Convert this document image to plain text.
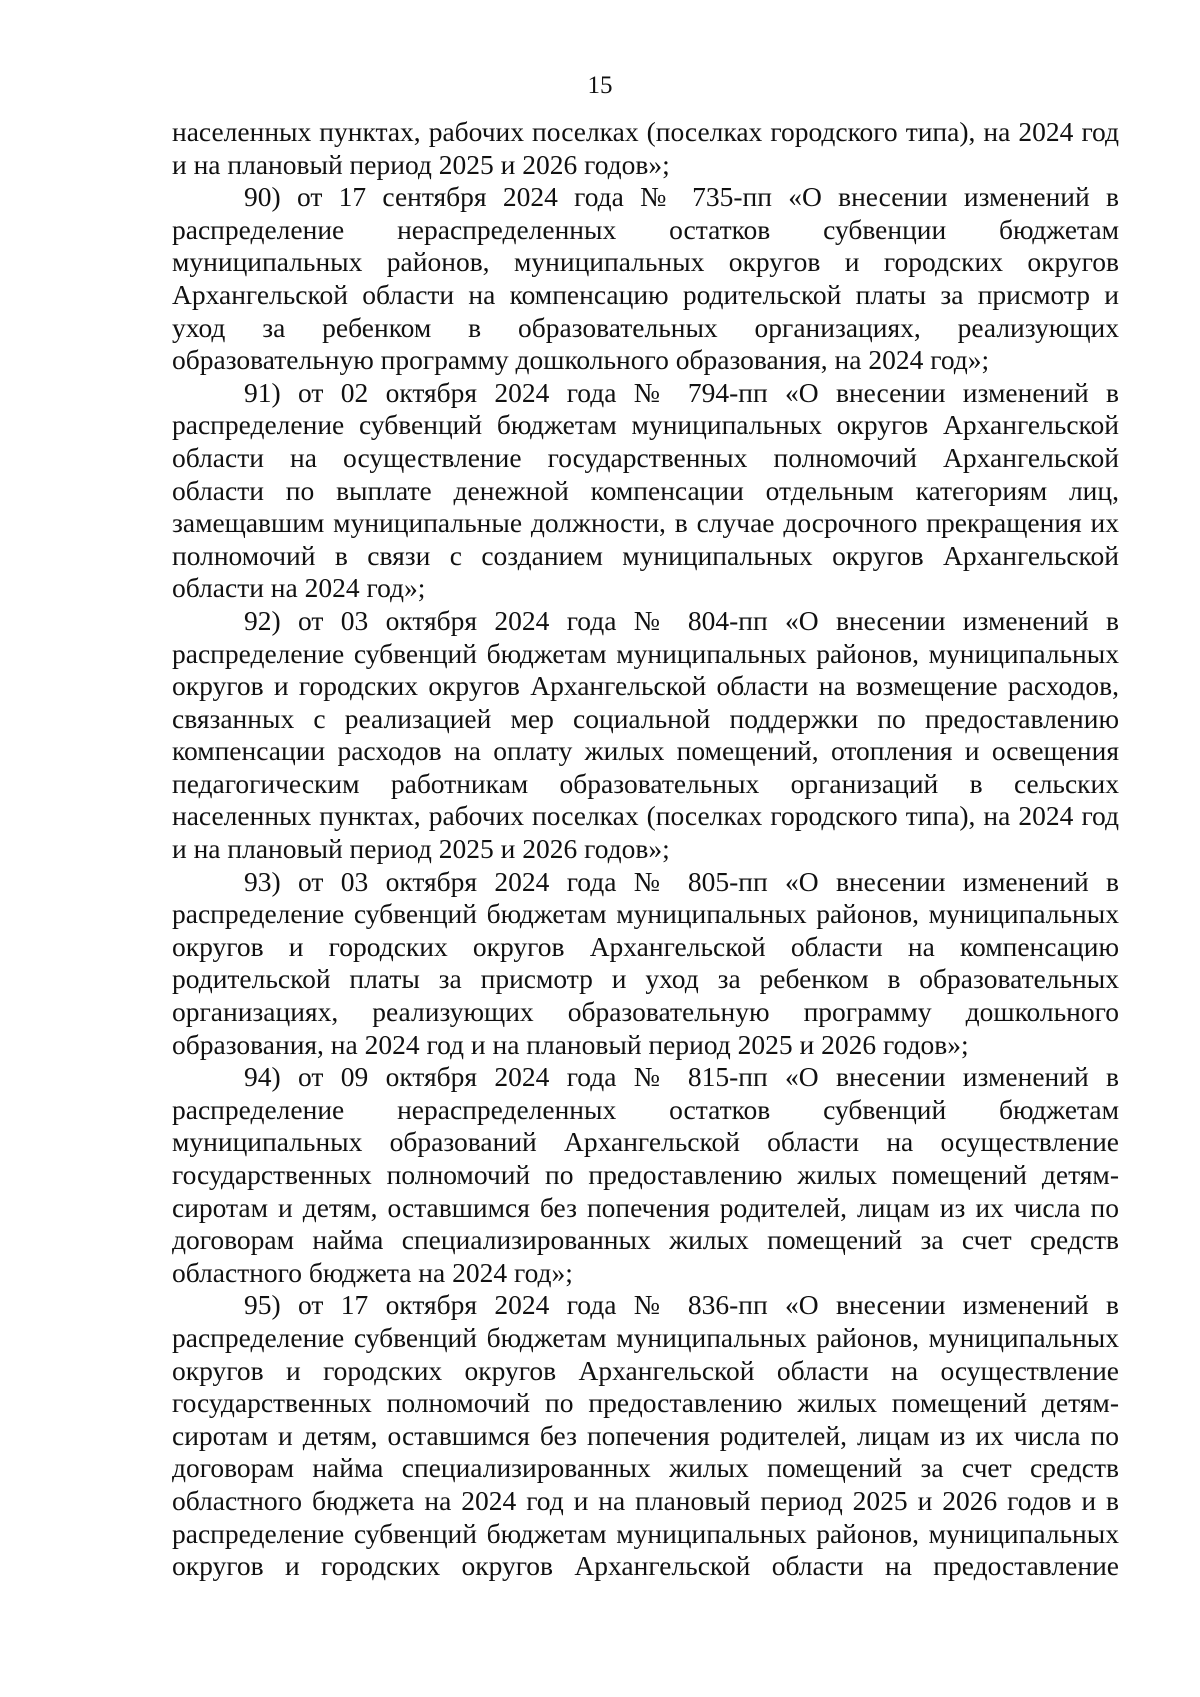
15

населенных пунктах, рабочих поселках (поселках городского типа), на 2024 год и на плановый период 2025 и 2026 годов»;

90) от 17 сентября 2024 года № 735-пп «О внесении изменений в распределение нераспределенных остатков субвенции бюджетам муниципальных районов, муниципальных округов и городских округов Архангельской области на компенсацию родительской платы за присмотр и уход за ребенком в образовательных организациях, реализующих образовательную программу дошкольного образования, на 2024 год»;

91) от 02 октября 2024 года № 794-пп «О внесении изменений в распределение субвенций бюджетам муниципальных округов Архангельской области на осуществление государственных полномочий Архангельской области по выплате денежной компенсации отдельным категориям лиц, замещавшим муниципальные должности, в случае досрочного прекращения их полномочий в связи с созданием муниципальных округов Архангельской области на 2024 год»;

92) от 03 октября 2024 года № 804-пп «О внесении изменений в распределение субвенций бюджетам муниципальных районов, муниципальных округов и городских округов Архангельской области на возмещение расходов, связанных с реализацией мер социальной поддержки по предоставлению компенсации расходов на оплату жилых помещений, отопления и освещения педагогическим работникам образовательных организаций в сельских населенных пунктах, рабочих поселках (поселках городского типа), на 2024 год и на плановый период 2025 и 2026 годов»;

93) от 03 октября 2024 года № 805-пп «О внесении изменений в распределение субвенций бюджетам муниципальных районов, муниципальных округов и городских округов Архангельской области на компенсацию родительской платы за присмотр и уход за ребенком в образовательных организациях, реализующих образовательную программу дошкольного образования, на 2024 год и на плановый период 2025 и 2026 годов»;

94) от 09 октября 2024 года № 815-пп «О внесении изменений в распределение нераспределенных остатков субвенций бюджетам муниципальных образований Архангельской области на осуществление государственных полномочий по предоставлению жилых помещений детям-сиротам и детям, оставшимся без попечения родителей, лицам из их числа по договорам найма специализированных жилых помещений за счет средств областного бюджета на 2024 год»;

95) от 17 октября 2024 года № 836-пп «О внесении изменений в распределение субвенций бюджетам муниципальных районов, муниципальных округов и городских округов Архангельской области на осуществление государственных полномочий по предоставлению жилых помещений детям-сиротам и детям, оставшимся без попечения родителей, лицам из их числа по договорам найма специализированных жилых помещений за счет средств областного бюджета на 2024 год и на плановый период 2025 и 2026 годов и в распределение субвенций бюджетам муниципальных районов, муниципальных округов и городских округов Архангельской области на предоставление
